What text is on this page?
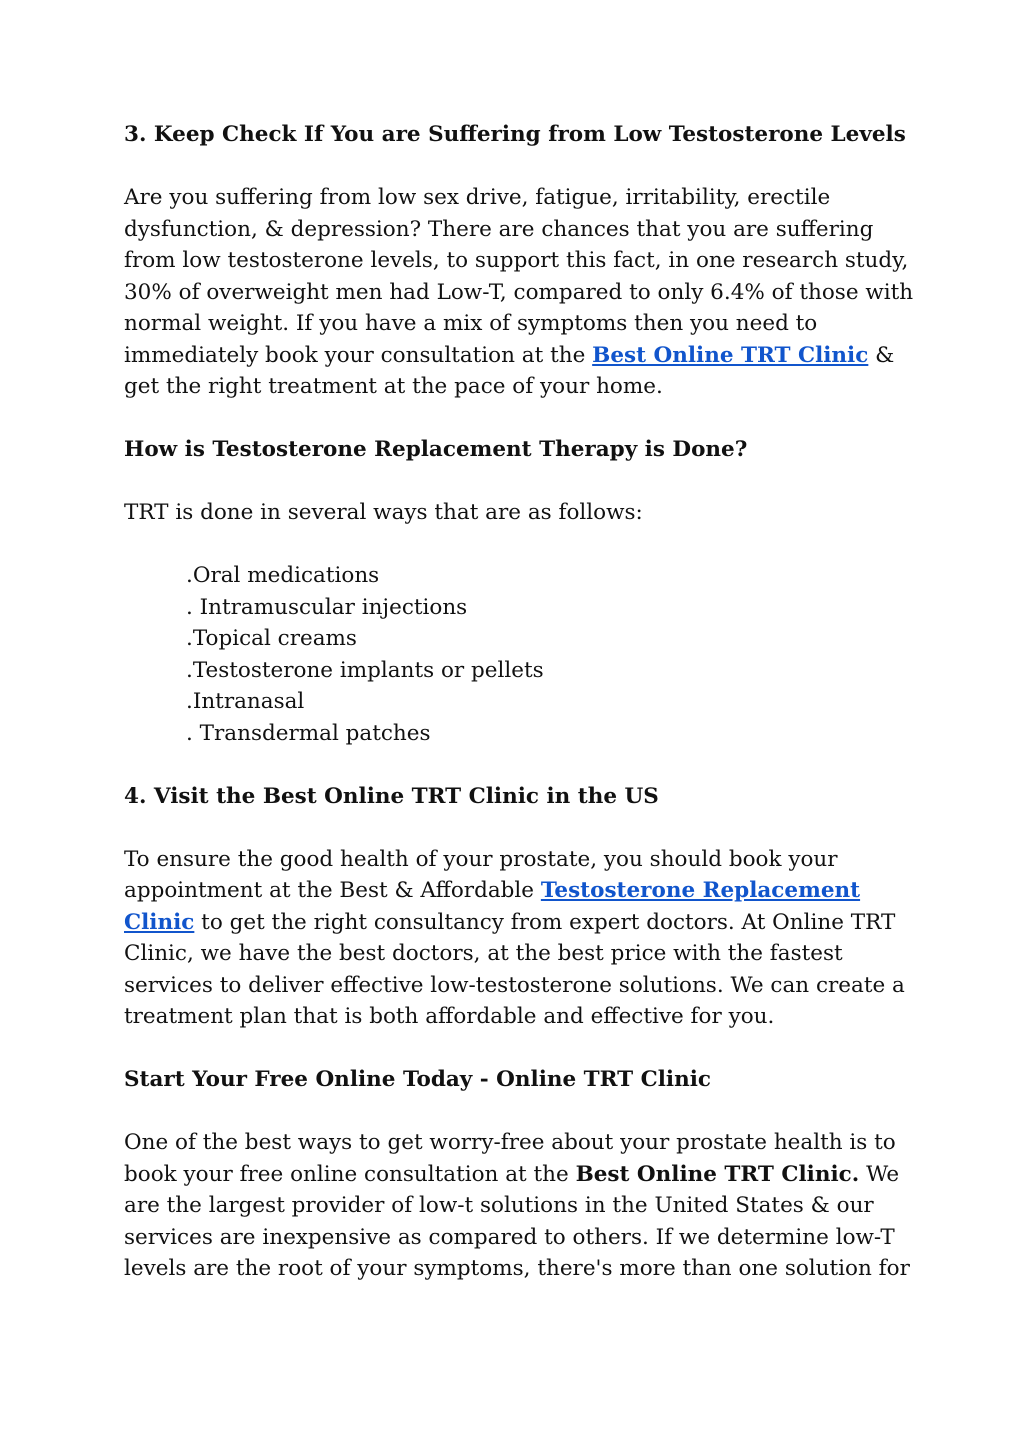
3. Keep Check If You are Suffering from Low Testosterone Levels

Are you suffering from low sex drive, fatigue, irritability, erectile dysfunction, & depression? There are chances that you are suffering from low testosterone levels, to support this fact, in one research study, 30% of overweight men had Low-T, compared to only 6.4% of those with normal weight. If you have a mix of symptoms then you need to immediately book your consultation at the Best Online TRT Clinic & get the right treatment at the pace of your home.

How is Testosterone Replacement Therapy is Done?

TRT is done in several ways that are as follows:

.Oral medications
. Intramuscular injections
.Topical creams
.Testosterone implants or pellets
.Intranasal
. Transdermal patches

4. Visit the Best Online TRT Clinic in the US

To ensure the good health of your prostate, you should book your appointment at the Best & Affordable Testosterone Replacement Clinic to get the right consultancy from expert doctors. At Online TRT Clinic, we have the best doctors, at the best price with the fastest services to deliver effective low-testosterone solutions. We can create a treatment plan that is both affordable and effective for you.

Start Your Free Online Today - Online TRT Clinic

One of the best ways to get worry-free about your prostate health is to book your free online consultation at the Best Online TRT Clinic. We are the largest provider of low-t solutions in the United States & our services are inexpensive as compared to others. If we determine low-T levels are the root of your symptoms, there's more than one solution for
